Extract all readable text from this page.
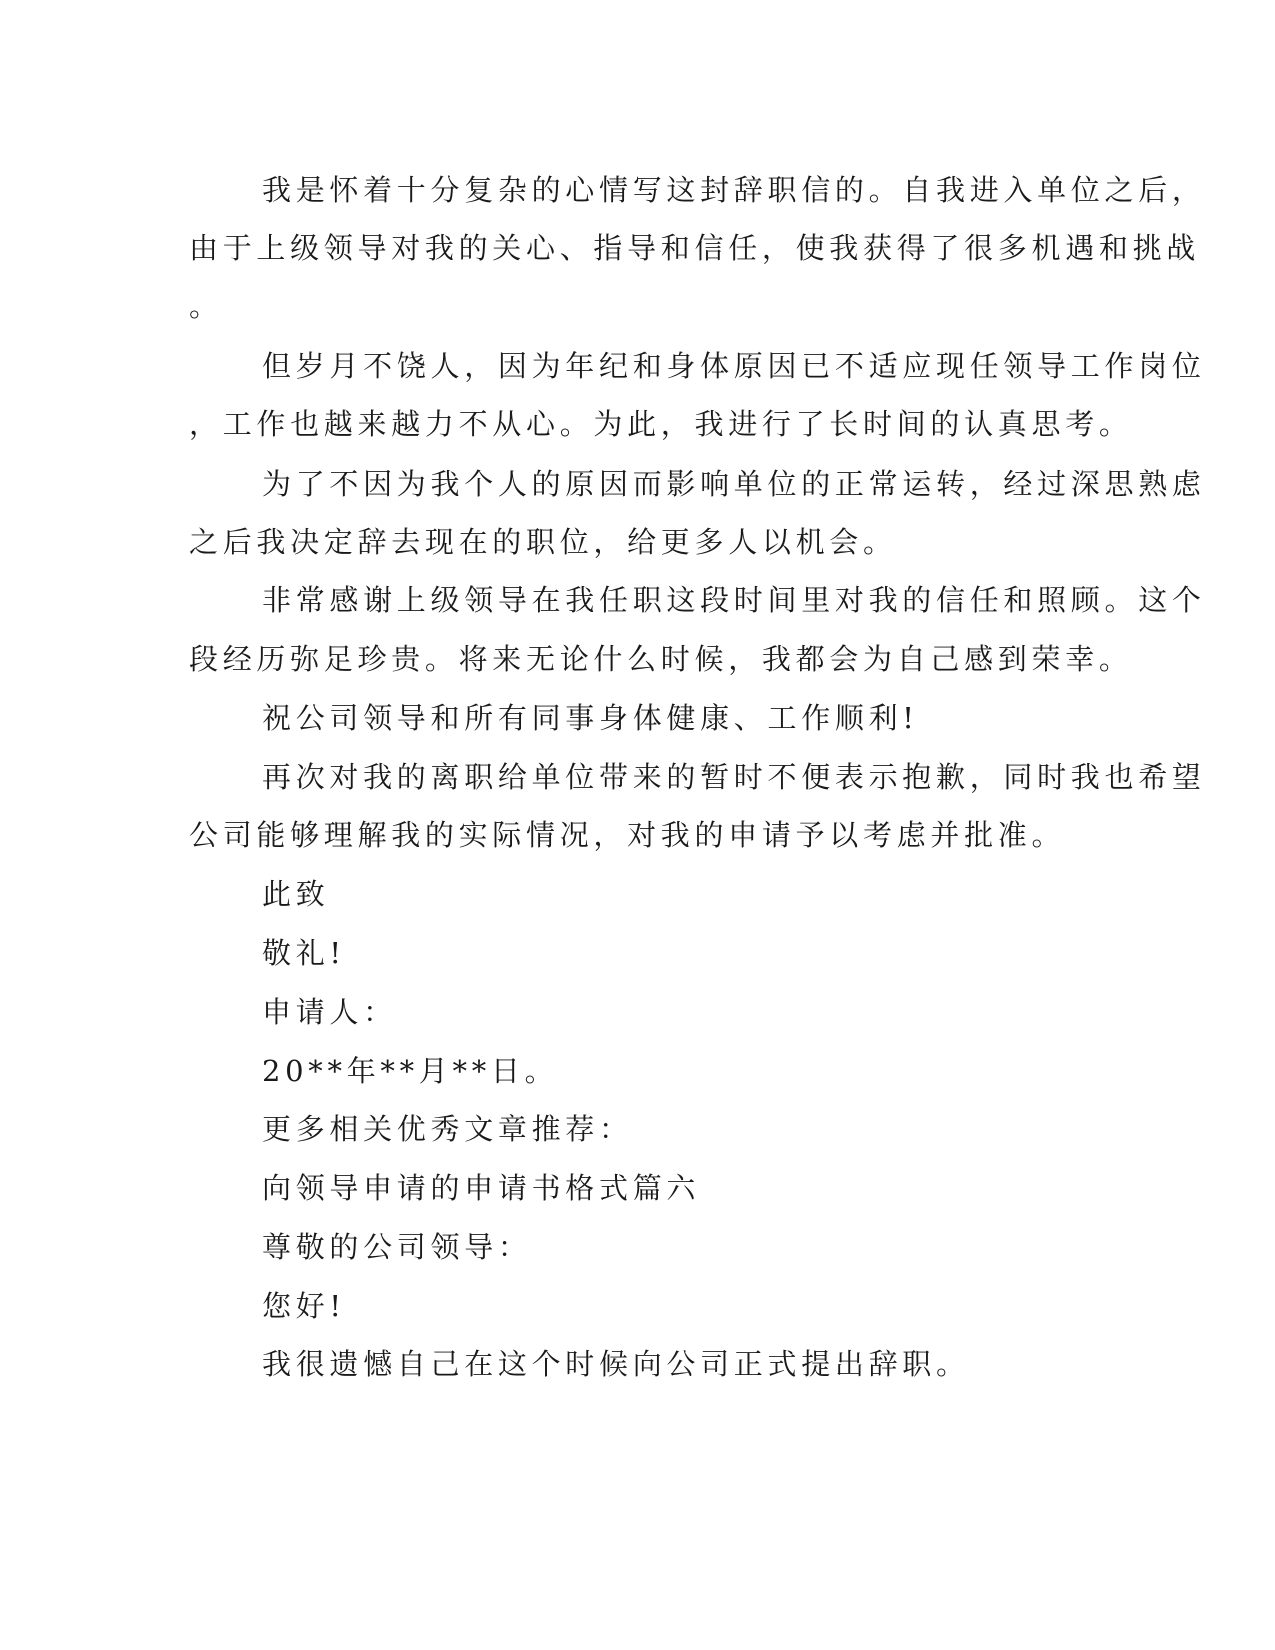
我是怀着十分复杂的心情写这封辞职信的。自我进入单位之后，
由于上级领导对我的关心、指导和信任，使我获得了很多机遇和挑战
。
但岁月不饶人，因为年纪和身体原因已不适应现任领导工作岗位
，工作也越来越力不从心。为此，我进行了长时间的认真思考。
为了不因为我个人的原因而影响单位的正常运转，经过深思熟虑
之后我决定辞去现在的职位，给更多人以机会。
非常感谢上级领导在我任职这段时间里对我的信任和照顾。这个
段经历弥足珍贵。将来无论什么时候，我都会为自己感到荣幸。
祝公司领导和所有同事身体健康、工作顺利!
再次对我的离职给单位带来的暂时不便表示抱歉，同时我也希望
公司能够理解我的实际情况，对我的申请予以考虑并批准。
此致
敬礼!
申请人：
20**年**月**日。
更多相关优秀文章推荐：
向领导申请的申请书格式篇六
尊敬的公司领导：
您好!
我很遗憾自己在这个时候向公司正式提出辞职。
